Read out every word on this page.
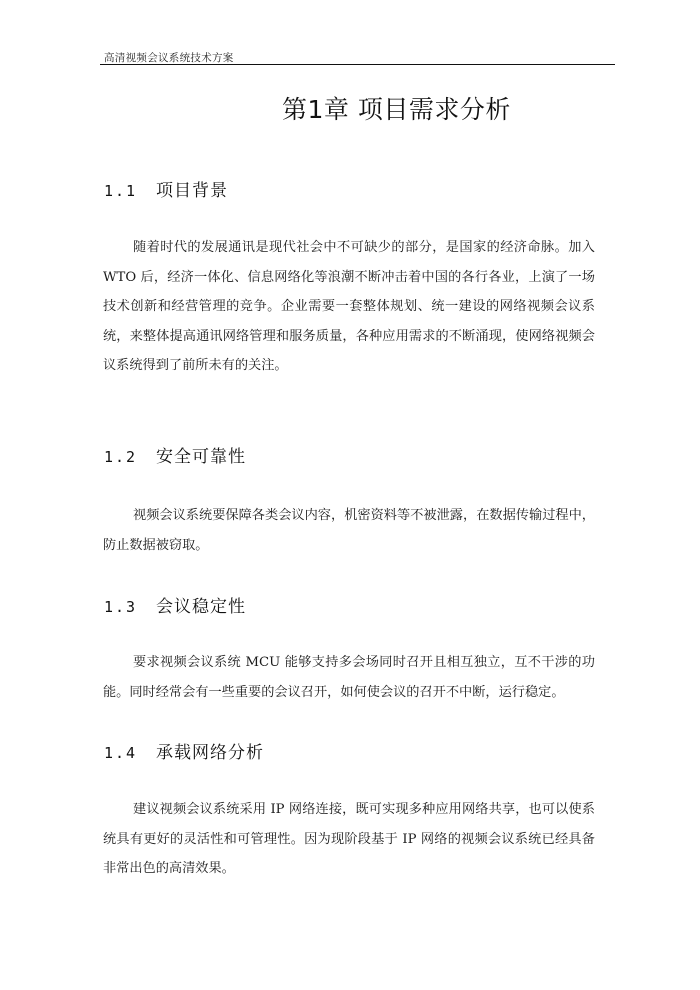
高清视频会议系统技术方案
第1章 项目需求分析
1.1 项目背景

随着时代的发展通讯是现代社会中不可缺少的部分，是国家的经济命脉。加入 WTO 后，经济一体化、信息网络化等浪潮不断冲击着中国的各行各业，上演了一场技术创新和经营管理的竞争。企业需要一套整体规划、统一建设的网络视频会议系统，来整体提高通讯网络管理和服务质量，各种应用需求的不断涌现，使网络视频会议系统得到了前所未有的关注。

1.2 安全可靠性

视频会议系统要保障各类会议内容，机密资料等不被泄露，在数据传输过程中，防止数据被窃取。

1.3 会议稳定性

要求视频会议系统 MCU 能够支持多会场同时召开且相互独立，互不干涉的功能。同时经常会有一些重要的会议召开，如何使会议的召开不中断，运行稳定。

1.4 承载网络分析

建议视频会议系统采用 IP 网络连接，既可实现多种应用网络共享，也可以使系统具有更好的灵活性和可管理性。因为现阶段基于 IP 网络的视频会议系统已经具备非常出色的高清效果。
